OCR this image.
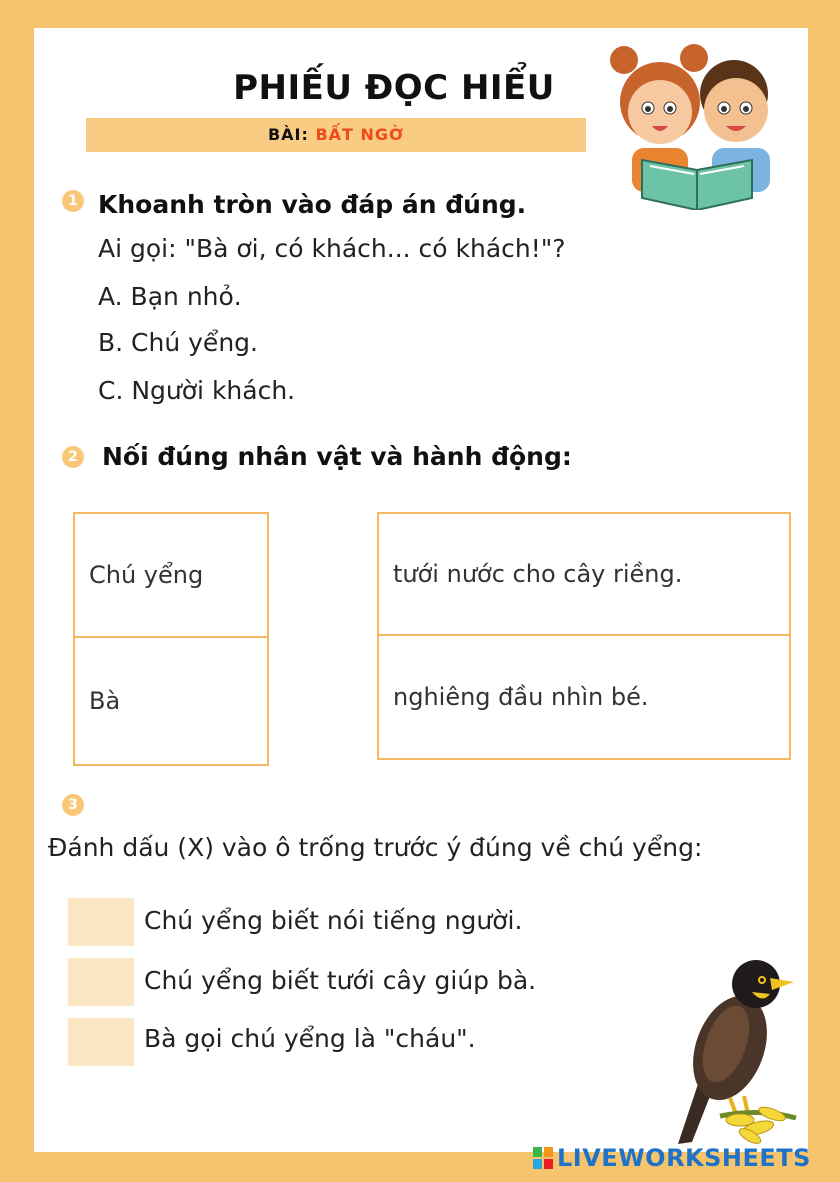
PHIẾU ĐỌC HIỂU
BÀI: BẤT NGỜ
1 Khoanh tròn vào đáp án đúng.
Ai gọi: "Bà ơi, có khách... có khách!"?
A. Bạn nhỏ.
B. Chú yểng.
C. Người khách.
2 Nối đúng nhân vật và hành động:
Chú yểng
Bà
tưới nước cho cây riềng.
nghiêng đầu nhìn bé.
3
Đánh dấu (X) vào ô trống trước ý đúng về chú yểng:
Chú yểng biết nói tiếng người.
Chú yểng biết tưới cây giúp bà.
Bà gọi chú yểng là "cháu".
LIVEWORKSHEETS
